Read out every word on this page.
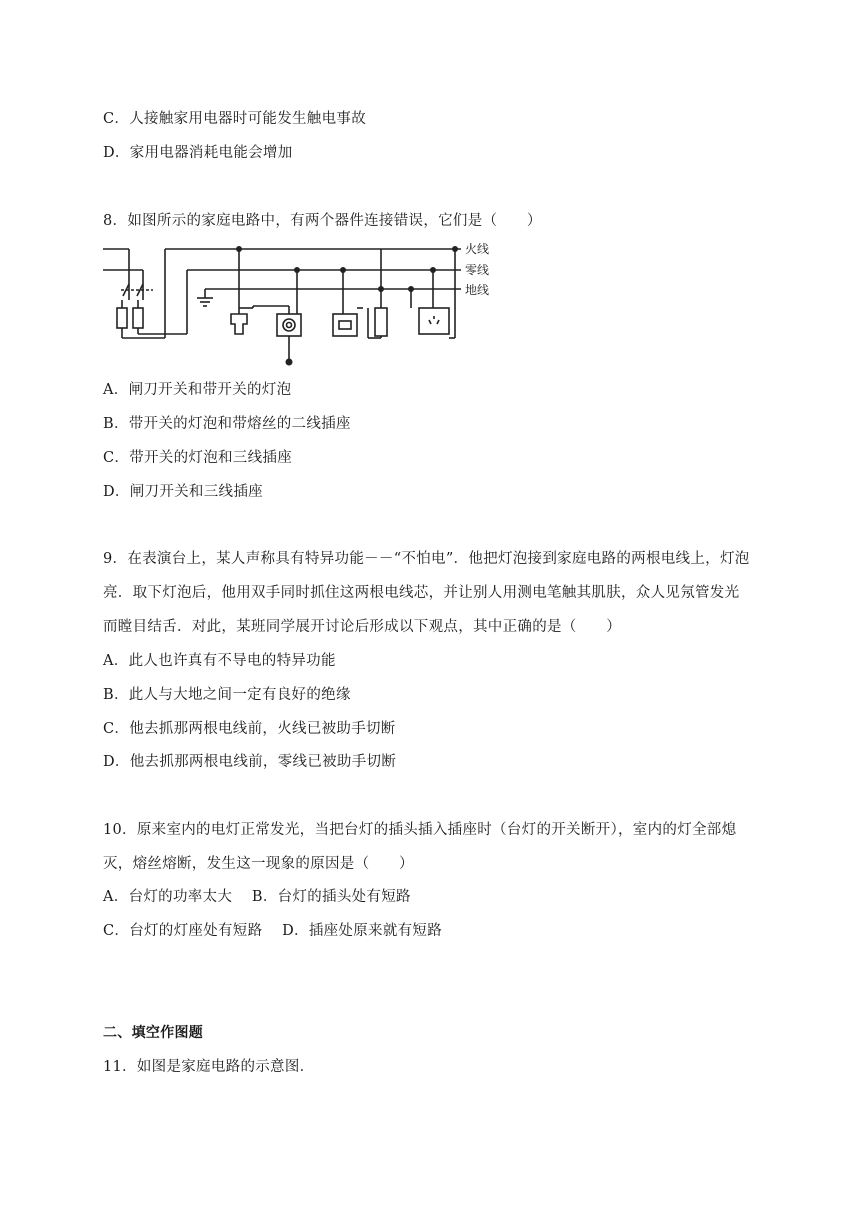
C．人接触家用电器时可能发生触电事故
D．家用电器消耗电能会增加
8．如图所示的家庭电路中，有两个器件连接错误，它们是（　　）
火线
零线
地线
A．闸刀开关和带开关的灯泡
B．带开关的灯泡和带熔丝的二线插座
C．带开关的灯泡和三线插座
D．闸刀开关和三线插座
9．在表演台上，某人声称具有特异功能－－“不怕电”．他把灯泡接到家庭电路的两根电线上，灯泡
亮．取下灯泡后，他用双手同时抓住这两根电线芯，并让别人用测电笔触其肌肤，众人见氖管发光
而瞠目结舌．对此，某班同学展开讨论后形成以下观点，其中正确的是（　　）
A．此人也许真有不导电的特异功能
B．此人与大地之间一定有良好的绝缘
C．他去抓那两根电线前，火线已被助手切断
D．他去抓那两根电线前，零线已被助手切断
10．原来室内的电灯正常发光，当把台灯的插头插入插座时（台灯的开关断开），室内的灯全部熄
灭，熔丝熔断，发生这一现象的原因是（　　）
A．台灯的功率太大　 B．台灯的插头处有短路
C．台灯的灯座处有短路　 D．插座处原来就有短路
二、填空作图题
11．如图是家庭电路的示意图．
